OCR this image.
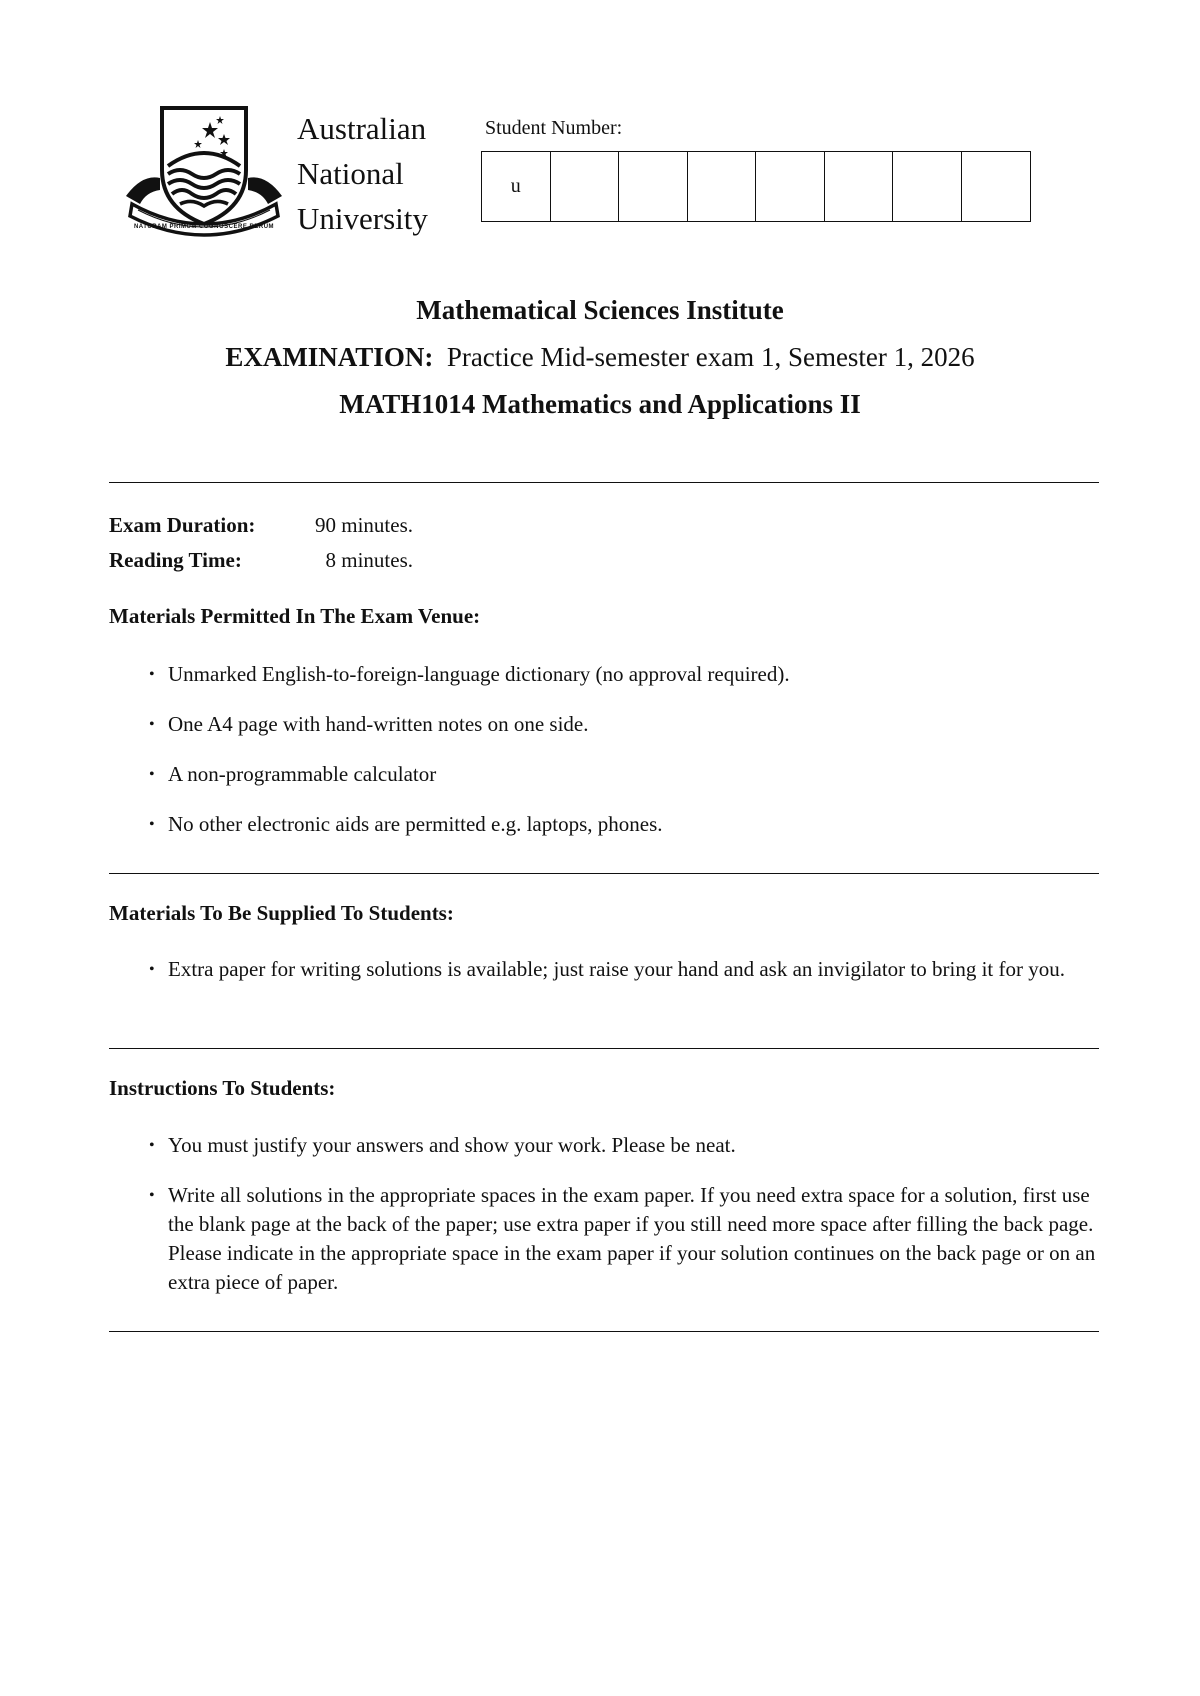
NATURAM PRIMUM COGNOSCERE RERUM
Australian
National
University
Student Number:
u
Mathematical Sciences Institute
EXAMINATION: Practice Mid-semester exam 1, Semester 1, 2026
MATH1014 Mathematics and Applications II
Exam Duration:	90 minutes.
Reading Time:	8 minutes.
Materials Permitted In The Exam Venue:
• Unmarked English-to-foreign-language dictionary (no approval required).
• One A4 page with hand-written notes on one side.
• A non-programmable calculator
• No other electronic aids are permitted e.g. laptops, phones.
Materials To Be Supplied To Students:
• Extra paper for writing solutions is available; just raise your hand and ask an invigilator to bring it for you.
Instructions To Students:
• You must justify your answers and show your work. Please be neat.
• Write all solutions in the appropriate spaces in the exam paper. If you need extra space for a solution, first use the blank page at the back of the paper; use extra paper if you still need more space after filling the back page. Please indicate in the appropriate space in the exam paper if your solution continues on the back page or on an extra piece of paper.
